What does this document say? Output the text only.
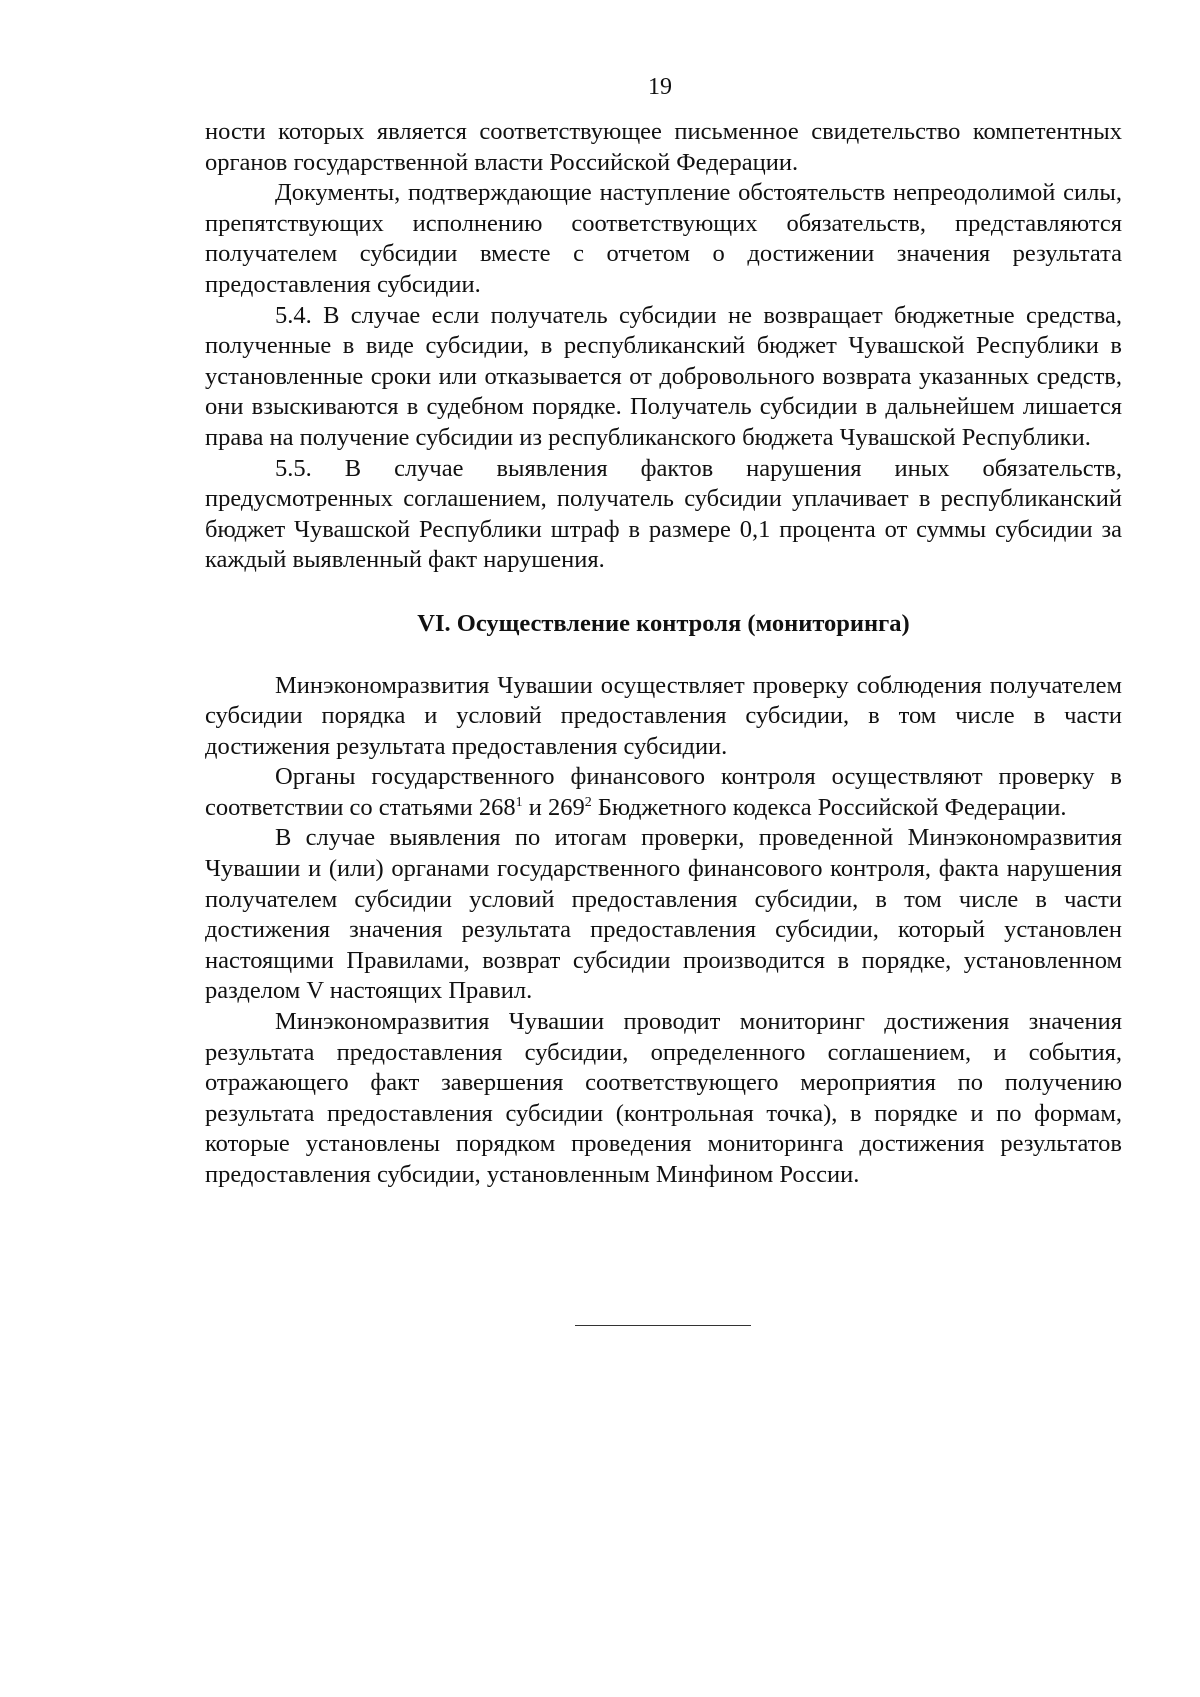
19

ности которых является соответствующее письменное свидетельство компетентных органов государственной власти Российской Федерации.

Документы, подтверждающие наступление обстоятельств непреодолимой силы, препятствующих исполнению соответствующих обязательств, представляются получателем субсидии вместе с отчетом о достижении значения результата предоставления субсидии.

5.4. В случае если получатель субсидии не возвращает бюджетные средства, полученные в виде субсидии, в республиканский бюджет Чувашской Республики в установленные сроки или отказывается от добровольного возврата указанных средств, они взыскиваются в судебном порядке. Получатель субсидии в дальнейшем лишается права на получение субсидии из республиканского бюджета Чувашской Республики.

5.5. В случае выявления фактов нарушения иных обязательств, предусмотренных соглашением, получатель субсидии уплачивает в республиканский бюджет Чувашской Республики штраф в размере 0,1 процента от суммы субсидии за каждый выявленный факт нарушения.

VI. Осуществление контроля (мониторинга)

Минэкономразвития Чувашии осуществляет проверку соблюдения получателем субсидии порядка и условий предоставления субсидии, в том числе в части достижения результата предоставления субсидии.

Органы государственного финансового контроля осуществляют проверку в соответствии со статьями $268^1$ и $269^2$ Бюджетного кодекса Российской Федерации.

В случае выявления по итогам проверки, проведенной Минэкономразвития Чувашии и (или) органами государственного финансового контроля, факта нарушения получателем субсидии условий предоставления субсидии, в том числе в части достижения значения результата предоставления субсидии, который установлен настоящими Правилами, возврат субсидии производится в порядке, установленном разделом V настоящих Правил.

Минэкономразвития Чувашии проводит мониторинг достижения значения результата предоставления субсидии, определенного соглашением, и события, отражающего факт завершения соответствующего мероприятия по получению результата предоставления субсидии (контрольная точка), в порядке и по формам, которые установлены порядком проведения мониторинга достижения результатов предоставления субсидии, установленным Минфином России.
